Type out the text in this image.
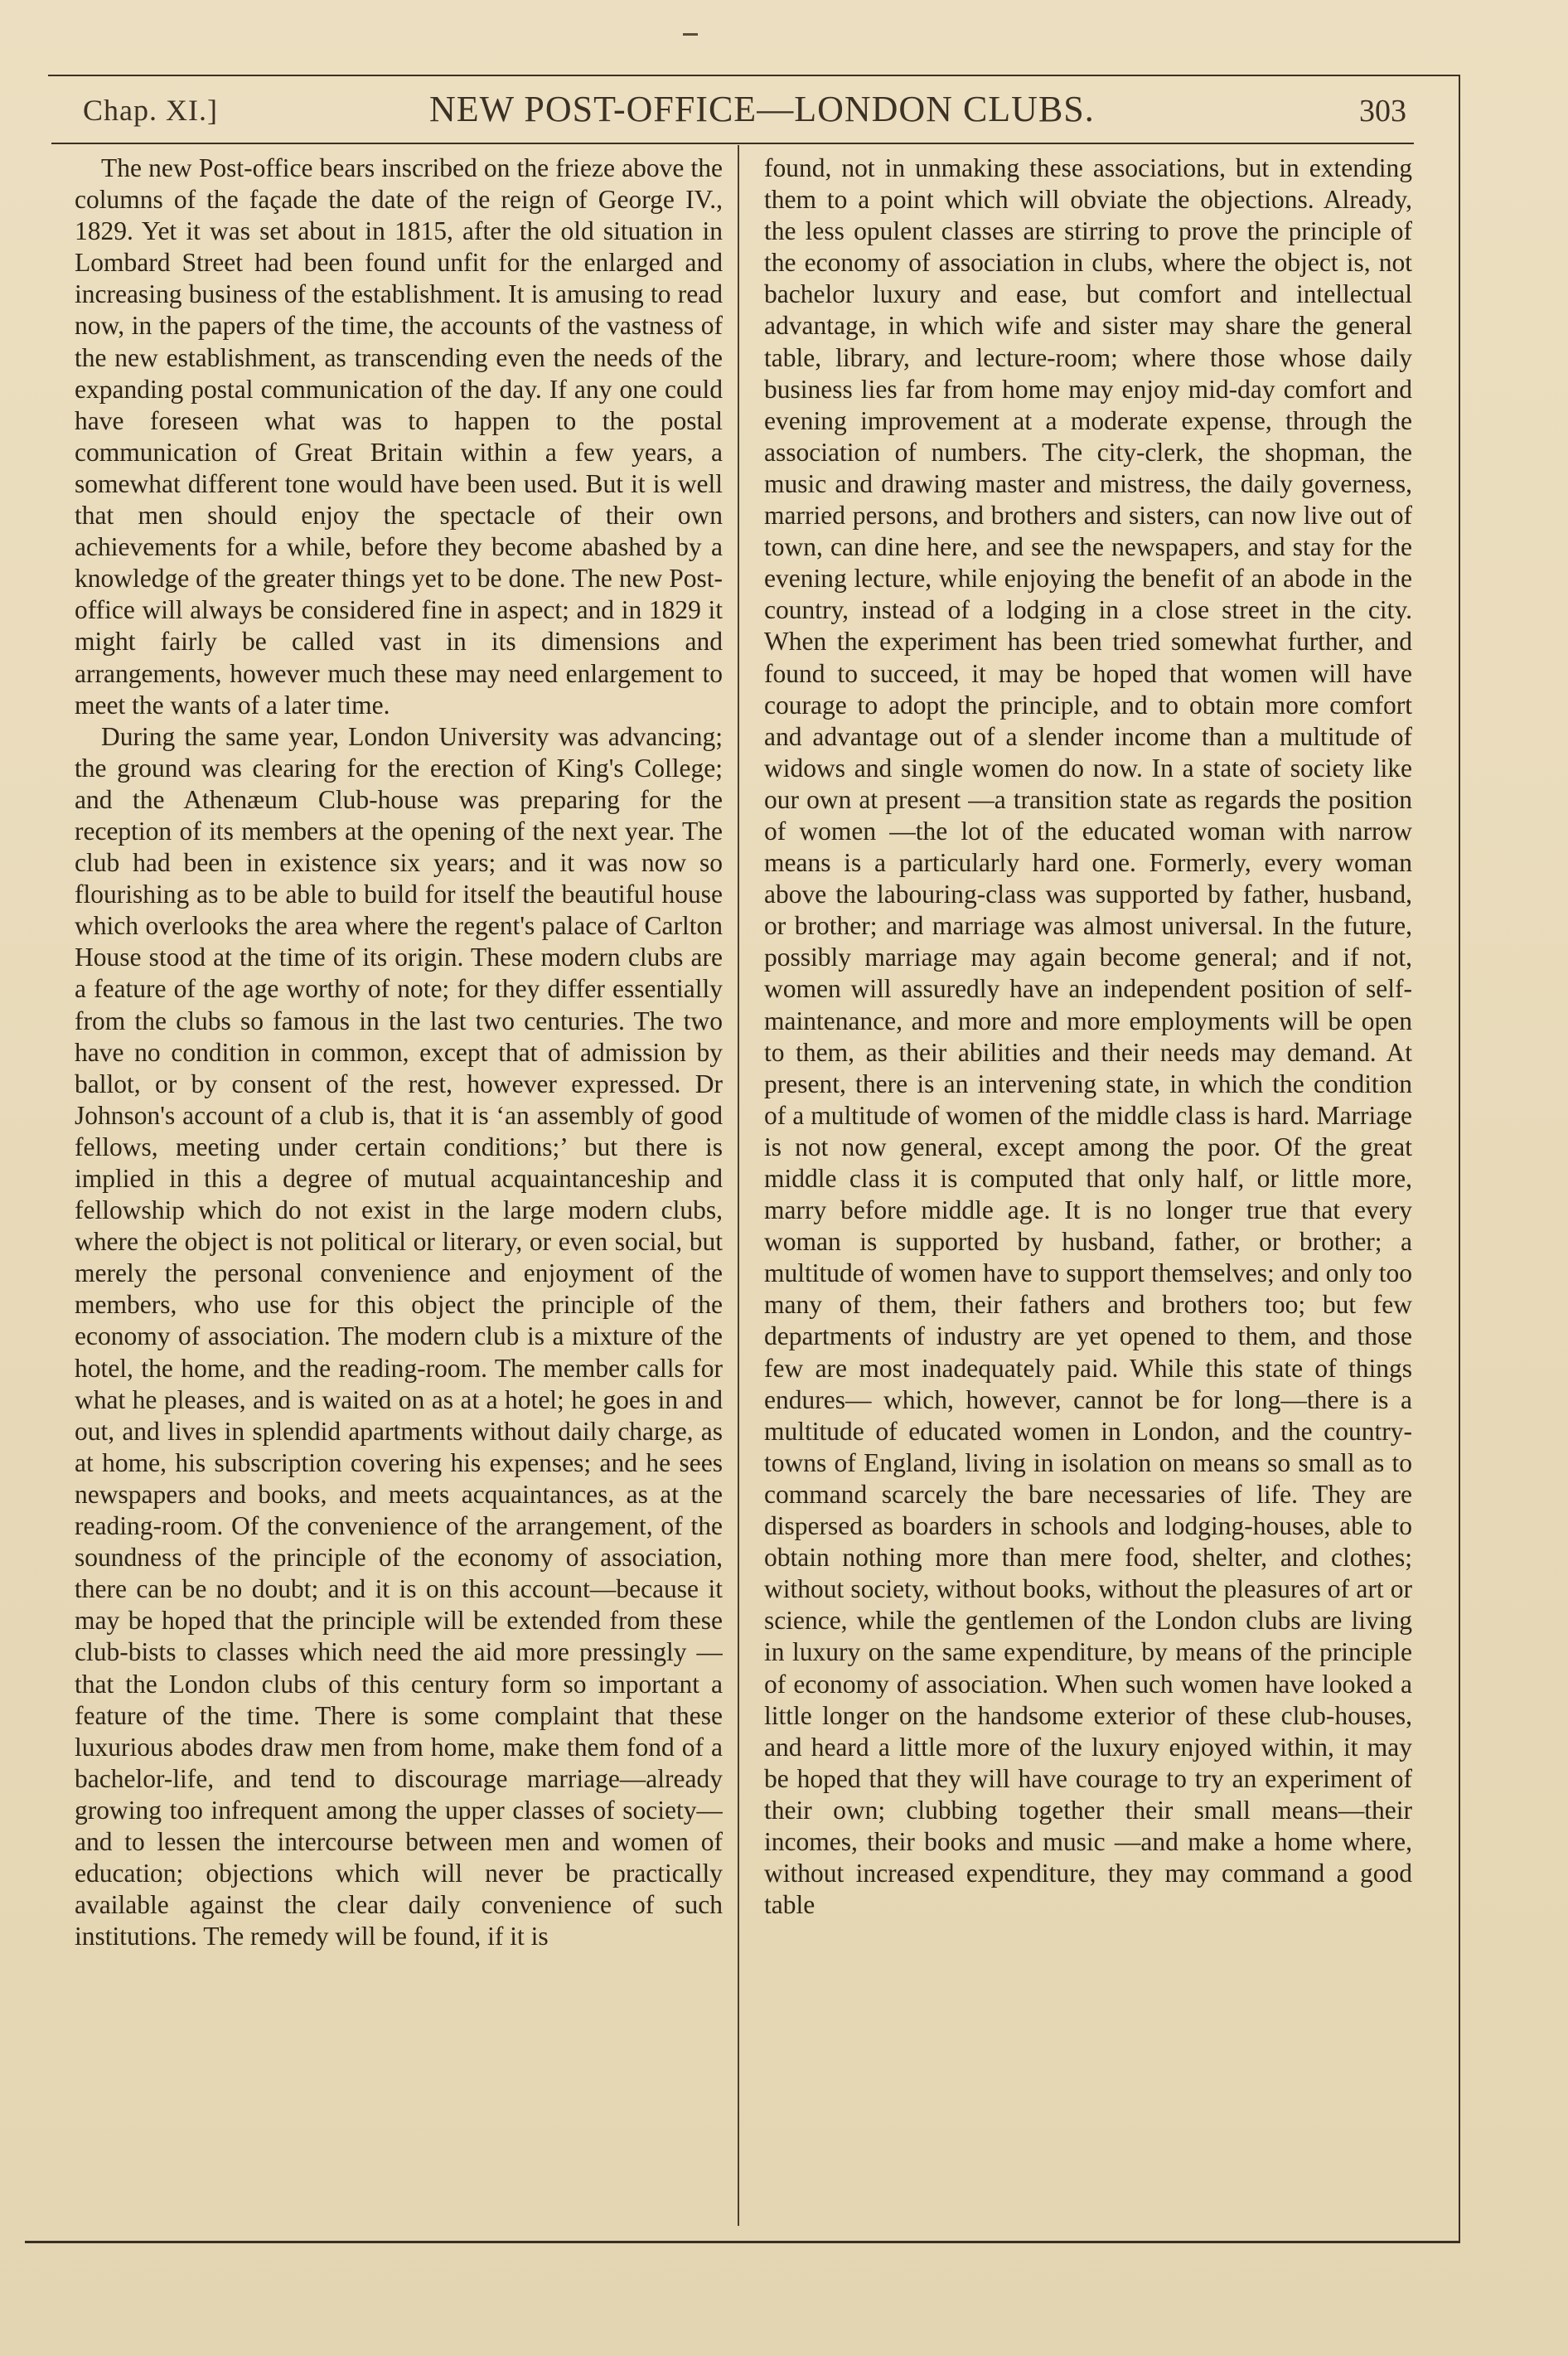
Chap. XI.]	NEW POST-OFFICE—LONDON CLUBS.	303

The new Post-office bears inscribed on the frieze above the columns of the façade the date of the reign of George IV., 1829. Yet it was set about in 1815, after the old situation in Lombard Street had been found unfit for the enlarged and increasing business of the establishment. It is amusing to read now, in the papers of the time, the accounts of the vastness of the new establishment, as transcending even the needs of the expanding postal communication of the day. If any one could have foreseen what was to happen to the postal communication of Great Britain within a few years, a somewhat different tone would have been used. But it is well that men should enjoy the spectacle of their own achievements for a while, before they become abashed by a knowledge of the greater things yet to be done. The new Post-office will always be considered fine in aspect; and in 1829 it might fairly be called vast in its dimensions and arrangements, however much these may need enlargement to meet the wants of a later time.

During the same year, London University was advancing; the ground was clearing for the erection of King's College; and the Athenæum Club-house was preparing for the reception of its members at the opening of the next year. The club had been in existence six years; and it was now so flourishing as to be able to build for itself the beautiful house which overlooks the area where the regent's palace of Carlton House stood at the time of its origin. These modern clubs are a feature of the age worthy of note; for they differ essentially from the clubs so famous in the last two centuries. The two have no condition in common, except that of admission by ballot, or by consent of the rest, however expressed. Dr Johnson's account of a club is, that it is ‘an assembly of good fellows, meeting under certain conditions;’ but there is implied in this a degree of mutual acquaintanceship and fellowship which do not exist in the large modern clubs, where the object is not political or literary, or even social, but merely the personal convenience and enjoyment of the members, who use for this object the principle of the economy of association. The modern club is a mixture of the hotel, the home, and the reading-room. The member calls for what he pleases, and is waited on as at a hotel; he goes in and out, and lives in splendid apartments without daily charge, as at home, his subscription covering his expenses; and he sees newspapers and books, and meets acquaintances, as at the reading-room. Of the convenience of the arrangement, of the soundness of the principle of the economy of association, there can be no doubt; and it is on this account—because it may be hoped that the principle will be extended from these club-bists to classes which need the aid more pressingly —that the London clubs of this century form so important a feature of the time. There is some complaint that these luxurious abodes draw men from home, make them fond of a bachelor-life, and tend to discourage marriage—already growing too infrequent among the upper classes of society—and to lessen the intercourse between men and women of education; objections which will never be practically available against the clear daily convenience of such institutions. The remedy will be found, if it is

found, not in unmaking these associations, but in extending them to a point which will obviate the objections. Already, the less opulent classes are stirring to prove the principle of the economy of association in clubs, where the object is, not bachelor luxury and ease, but comfort and intellectual advantage, in which wife and sister may share the general table, library, and lecture-room; where those whose daily business lies far from home may enjoy mid-day comfort and evening improvement at a moderate expense, through the association of numbers. The city-clerk, the shopman, the music and drawing master and mistress, the daily governess, married persons, and brothers and sisters, can now live out of town, can dine here, and see the newspapers, and stay for the evening lecture, while enjoying the benefit of an abode in the country, instead of a lodging in a close street in the city. When the experiment has been tried somewhat further, and found to succeed, it may be hoped that women will have courage to adopt the principle, and to obtain more comfort and advantage out of a slender income than a multitude of widows and single women do now. In a state of society like our own at present —a transition state as regards the position of women —the lot of the educated woman with narrow means is a particularly hard one. Formerly, every woman above the labouring-class was supported by father, husband, or brother; and marriage was almost universal. In the future, possibly marriage may again become general; and if not, women will assuredly have an independent position of self-maintenance, and more and more employments will be open to them, as their abilities and their needs may demand. At present, there is an intervening state, in which the condition of a multitude of women of the middle class is hard. Marriage is not now general, except among the poor. Of the great middle class it is computed that only half, or little more, marry before middle age. It is no longer true that every woman is supported by husband, father, or brother; a multitude of women have to support themselves; and only too many of them, their fathers and brothers too; but few departments of industry are yet opened to them, and those few are most inadequately paid. While this state of things endures— which, however, cannot be for long—there is a multitude of educated women in London, and the country-towns of England, living in isolation on means so small as to command scarcely the bare necessaries of life. They are dispersed as boarders in schools and lodging-houses, able to obtain nothing more than mere food, shelter, and clothes; without society, without books, without the pleasures of art or science, while the gentlemen of the London clubs are living in luxury on the same expenditure, by means of the principle of economy of association. When such women have looked a little longer on the handsome exterior of these club-houses, and heard a little more of the luxury enjoyed within, it may be hoped that they will have courage to try an experiment of their own; clubbing together their small means—their incomes, their books and music —and make a home where, without increased expenditure, they may command a good table
